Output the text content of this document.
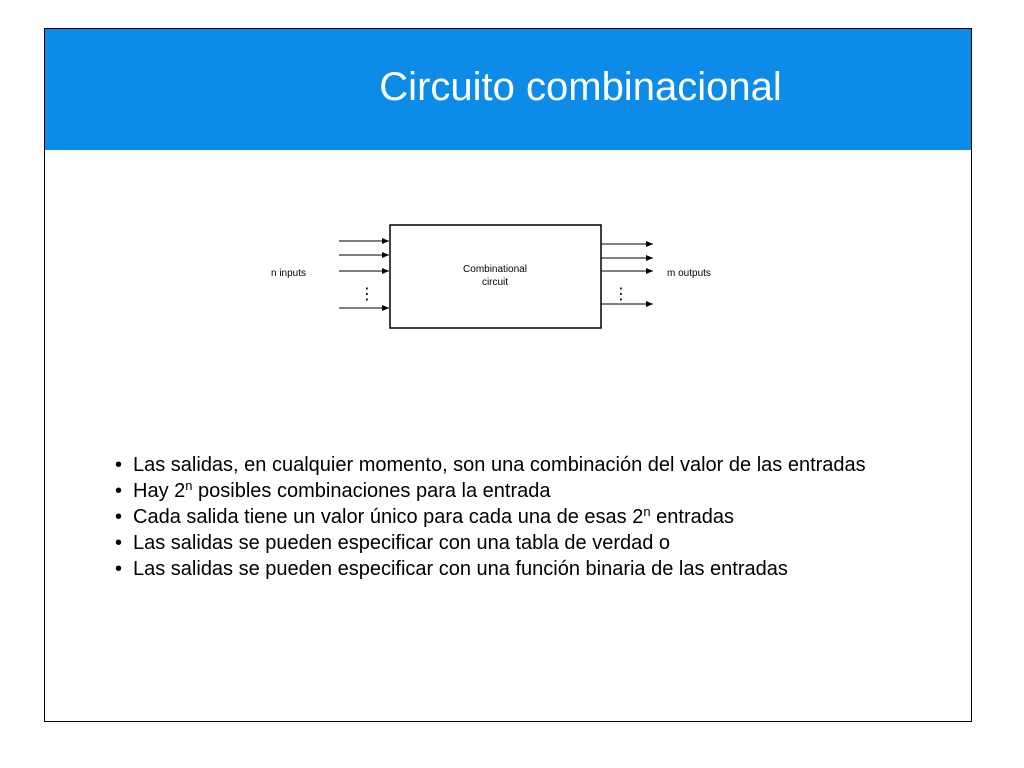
Circuito combinacional
n inputs	Combinational
circuit
m outputs
⋮	⋮
• Las salidas, en cualquier momento, son una combinación del valor de las entradas
• Hay 2$^n$ posibles combinaciones para la entrada
• Cada salida tiene un valor único para cada una de esas 2$^n$ entradas
• Las salidas se pueden especificar con una tabla de verdad o
• Las salidas se pueden especificar con una función binaria de las entradas
